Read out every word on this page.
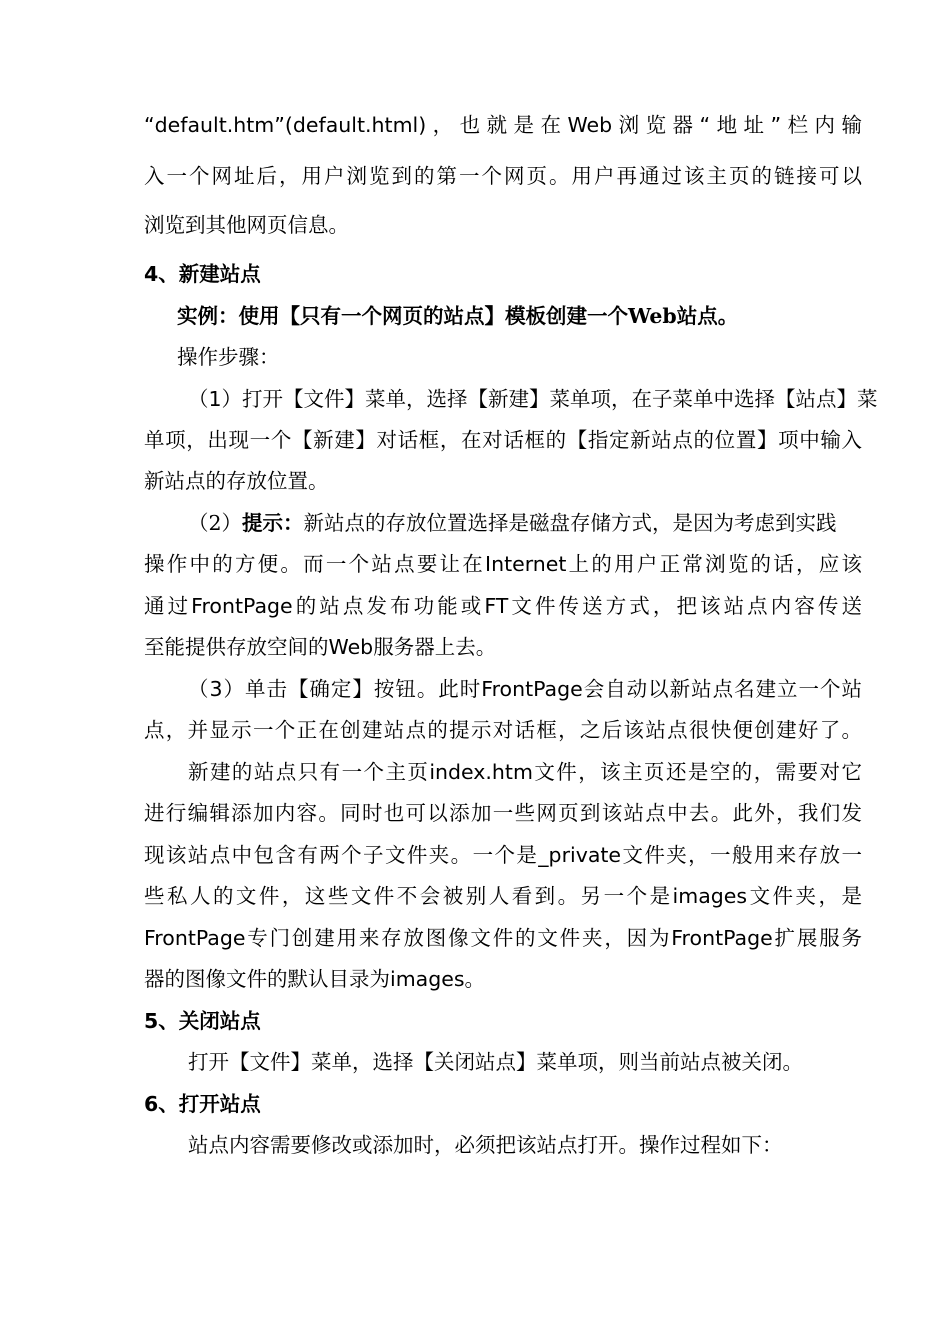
“default.htm”(default.html)，也就是在Web浏览器“地址”栏内输
入一个网址后，用户浏览到的第一个网页。用户再通过该主页的链接可以
浏览到其他网页信息。
4、新建站点
实例：使用【只有一个网页的站点】模板创建一个Web站点。
操作步骤：
（1）打开【文件】菜单，选择【新建】菜单项，在子菜单中选择【站点】菜
单项，出现一个【新建】对话框，在对话框的【指定新站点的位置】项中输入
新站点的存放位置。
（2）提示：新站点的存放位置选择是磁盘存储方式，是因为考虑到实践
操作中的方便。而一个站点要让在Internet上的用户正常浏览的话，应该
通过FrontPage的站点发布功能或FT文件传送方式，把该站点内容传送
至能提供存放空间的Web服务器上去。
（3）单击【确定】按钮。此时FrontPage会自动以新站点名建立一个站
点，并显示一个正在创建站点的提示对话框，之后该站点很快便创建好了。
新建的站点只有一个主页index.htm文件，该主页还是空的，需要对它
进行编辑添加内容。同时也可以添加一些网页到该站点中去。此外，我们发
现该站点中包含有两个子文件夹。一个是_private文件夹，一般用来存放一
些私人的文件，这些文件不会被别人看到。另一个是images文件夹，是
FrontPage专门创建用来存放图像文件的文件夹，因为FrontPage扩展服务
器的图像文件的默认目录为images。
5、关闭站点
打开【文件】菜单，选择【关闭站点】菜单项，则当前站点被关闭。
6、打开站点
站点内容需要修改或添加时，必须把该站点打开。操作过程如下：
